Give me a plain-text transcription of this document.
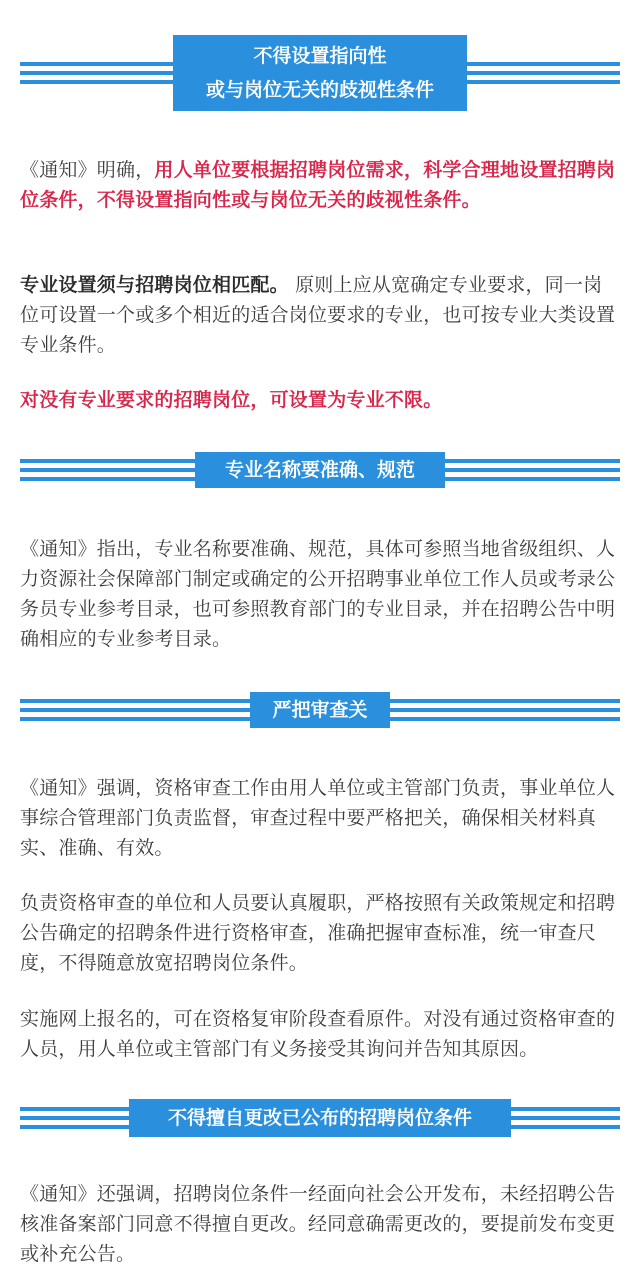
不得设置指向性
或与岗位无关的歧视性条件

《通知》明确，用人单位要根据招聘岗位需求，科学合理地设置招聘岗位条件，不得设置指向性或与岗位无关的歧视性条件。

专业设置须与招聘岗位相匹配。 原则上应从宽确定专业要求，同一岗位可设置一个或多个相近的适合岗位要求的专业，也可按专业大类设置专业条件。

对没有专业要求的招聘岗位，可设置为专业不限。

专业名称要准确、规范

《通知》指出，专业名称要准确、规范，具体可参照当地省级组织、人力资源社会保障部门制定或确定的公开招聘事业单位工作人员或考录公务员专业参考目录，也可参照教育部门的专业目录，并在招聘公告中明确相应的专业参考目录。

严把审查关

《通知》强调，资格审查工作由用人单位或主管部门负责，事业单位人事综合管理部门负责监督，审查过程中要严格把关，确保相关材料真实、准确、有效。

负责资格审查的单位和人员要认真履职，严格按照有关政策规定和招聘公告确定的招聘条件进行资格审查，准确把握审查标准，统一审查尺度，不得随意放宽招聘岗位条件。

实施网上报名的，可在资格复审阶段查看原件。对没有通过资格审查的人员，用人单位或主管部门有义务接受其询问并告知其原因。

不得擅自更改已公布的招聘岗位条件

《通知》还强调，招聘岗位条件一经面向社会公开发布，未经招聘公告核准备案部门同意不得擅自更改。经同意确需更改的，要提前发布变更或补充公告。
